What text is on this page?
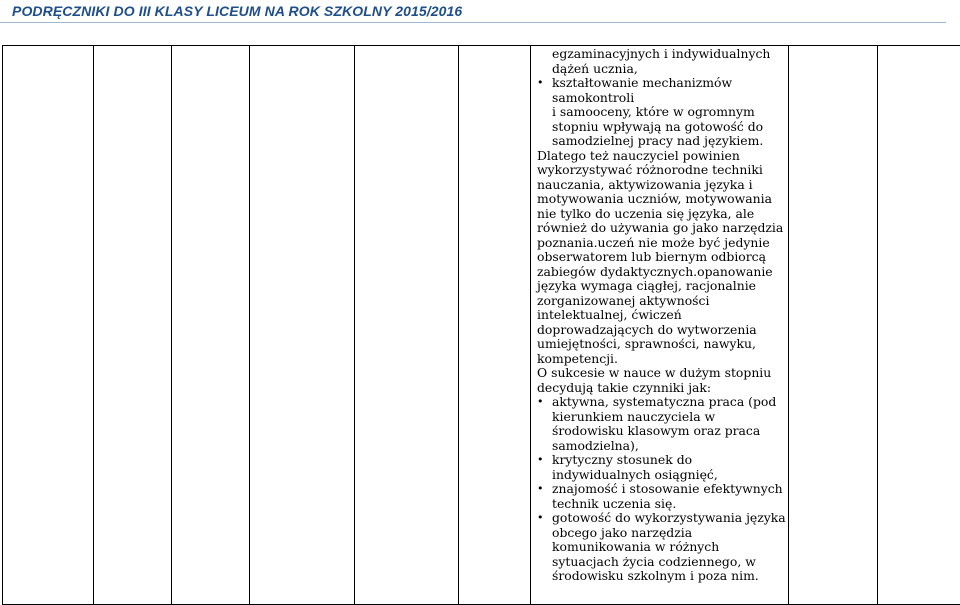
PODRĘCZNIKI DO III KLASY LICEUM NA ROK SZKOLNY 2015/2016

egzaminacyjnych i indywidualnych

dążeń ucznia,

• kształtowanie mechanizmów

samokontroli

i samooceny, które w ogromnym

stopniu wpływają na gotowość do

samodzielnej pracy nad językiem.

Dlatego też nauczyciel powinien

wykorzystywać różnorodne techniki

nauczania, aktywizowania języka i

motywowania uczniów, motywowania

nie tylko do uczenia się języka, ale

również do używania go jako narzędzia

poznania.uczeń nie może być jedynie

obserwatorem lub biernym odbiorcą

zabiegów dydaktycznych.opanowanie

języka wymaga ciągłej, racjonalnie

zorganizowanej aktywności

intelektualnej, ćwiczeń

doprowadzających do wytworzenia

umiejętności, sprawności, nawyku,

kompetencji.

O sukcesie w nauce w dużym stopniu

decydują takie czynniki jak:

• aktywna, systematyczna praca (pod

kierunkiem nauczyciela w

środowisku klasowym oraz praca

samodzielna),

• krytyczny stosunek do

indywidualnych osiągnięć,

• znajomość i stosowanie efektywnych

technik uczenia się.

• gotowość do wykorzystywania języka

obcego jako narzędzia

komunikowania w różnych

sytuacjach życia codziennego, w

środowisku szkolnym i poza nim.
